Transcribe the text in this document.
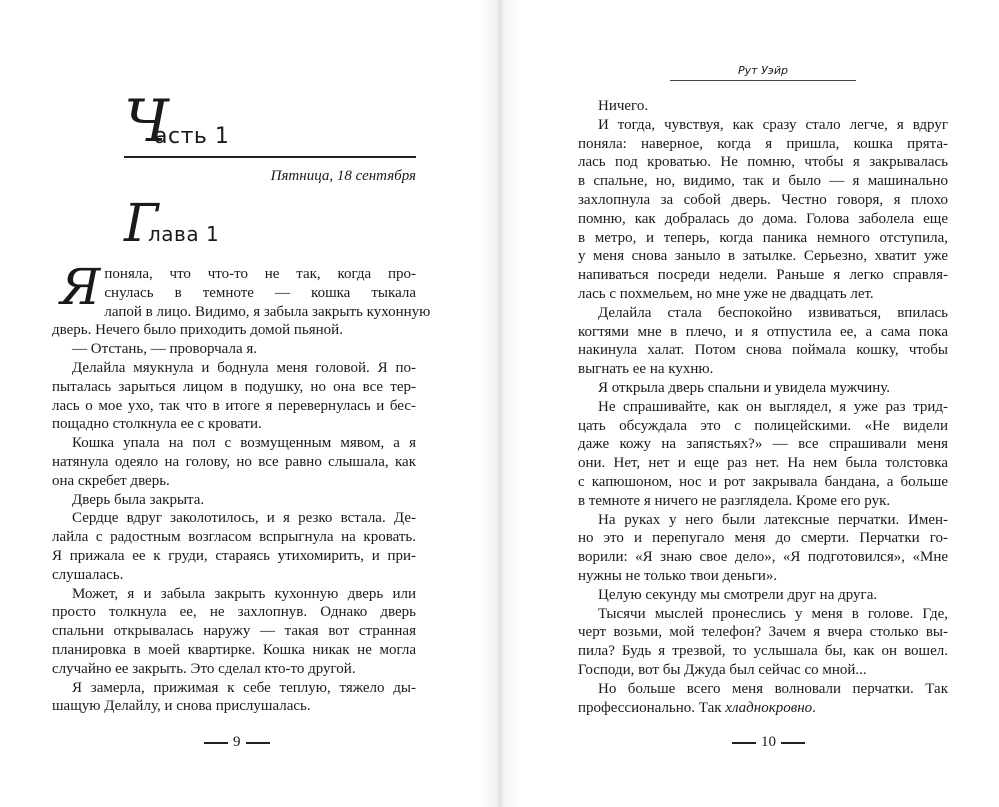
Ч
асть 1
Пятница, 18 сентября
Г
лава 1
Я поняла, что что-то не так, когда про-
снулась в темноте — кошка тыкала
лапой в лицо. Видимо, я забыла закрыть кухонную
дверь. Нечего было приходить домой пьяной.
— Отстань, — проворчала я.
Делайла мяукнула и боднула меня головой. Я по-
пыталась зарыться лицом в подушку, но она все тер-
лась о мое ухо, так что в итоге я перевернулась и бес-
пощадно столкнула ее с кровати.
Кошка упала на пол с возмущенным мявом, а я
натянула одеяло на голову, но все равно слышала, как
она скребет дверь.
Дверь была закрыта.
Сердце вдруг заколотилось, и я резко встала. Де-
лайла с радостным возгласом вспрыгнула на кровать.
Я прижала ее к груди, стараясь утихомирить, и при-
слушалась.
Может, я и забыла закрыть кухонную дверь или
просто толкнула ее, не захлопнув. Однако дверь
спальни открывалась наружу — такая вот странная
планировка в моей квартирке. Кошка никак не могла
случайно ее закрыть. Это сделал кто-то другой.
Я замерла, прижимая к себе теплую, тяжело ды-
шащую Делайлу, и снова прислушалась.
9
Рут Уэйр
Ничего.
И тогда, чувствуя, как сразу стало легче, я вдруг
поняла: наверное, когда я пришла, кошка прята-
лась под кроватью. Не помню, чтобы я закрывалась
в спальне, но, видимо, так и было — я машинально
захлопнула за собой дверь. Честно говоря, я плохо
помню, как добралась до дома. Голова заболела еще
в метро, и теперь, когда паника немного отступила,
у меня снова заныло в затылке. Серьезно, хватит уже
напиваться посреди недели. Раньше я легко справля-
лась с похмельем, но мне уже не двадцать лет.
Делайла стала беспокойно извиваться, впилась
когтями мне в плечо, и я отпустила ее, а сама пока
накинула халат. Потом снова поймала кошку, чтобы
выгнать ее на кухню.
Я открыла дверь спальни и увидела мужчину.
Не спрашивайте, как он выглядел, я уже раз трид-
цать обсуждала это с полицейскими. «Не видели
даже кожу на запястьях?» — все спрашивали меня
они. Нет, нет и еще раз нет. На нем была толстовка
с капюшоном, нос и рот закрывала бандана, а больше
в темноте я ничего не разглядела. Кроме его рук.
На руках у него были латексные перчатки. Имен-
но это и перепугало меня до смерти. Перчатки го-
ворили: «Я знаю свое дело», «Я подготовился», «Мне
нужны не только твои деньги».
Целую секунду мы смотрели друг на друга.
Тысячи мыслей пронеслись у меня в голове. Где,
черт возьми, мой телефон? Зачем я вчера столько вы-
пила? Будь я трезвой, то услышала бы, как он вошел.
Господи, вот бы Джуда был сейчас со мной...
Но больше всего меня волновали перчатки. Так
профессионально. Так хладнокровно.
10
